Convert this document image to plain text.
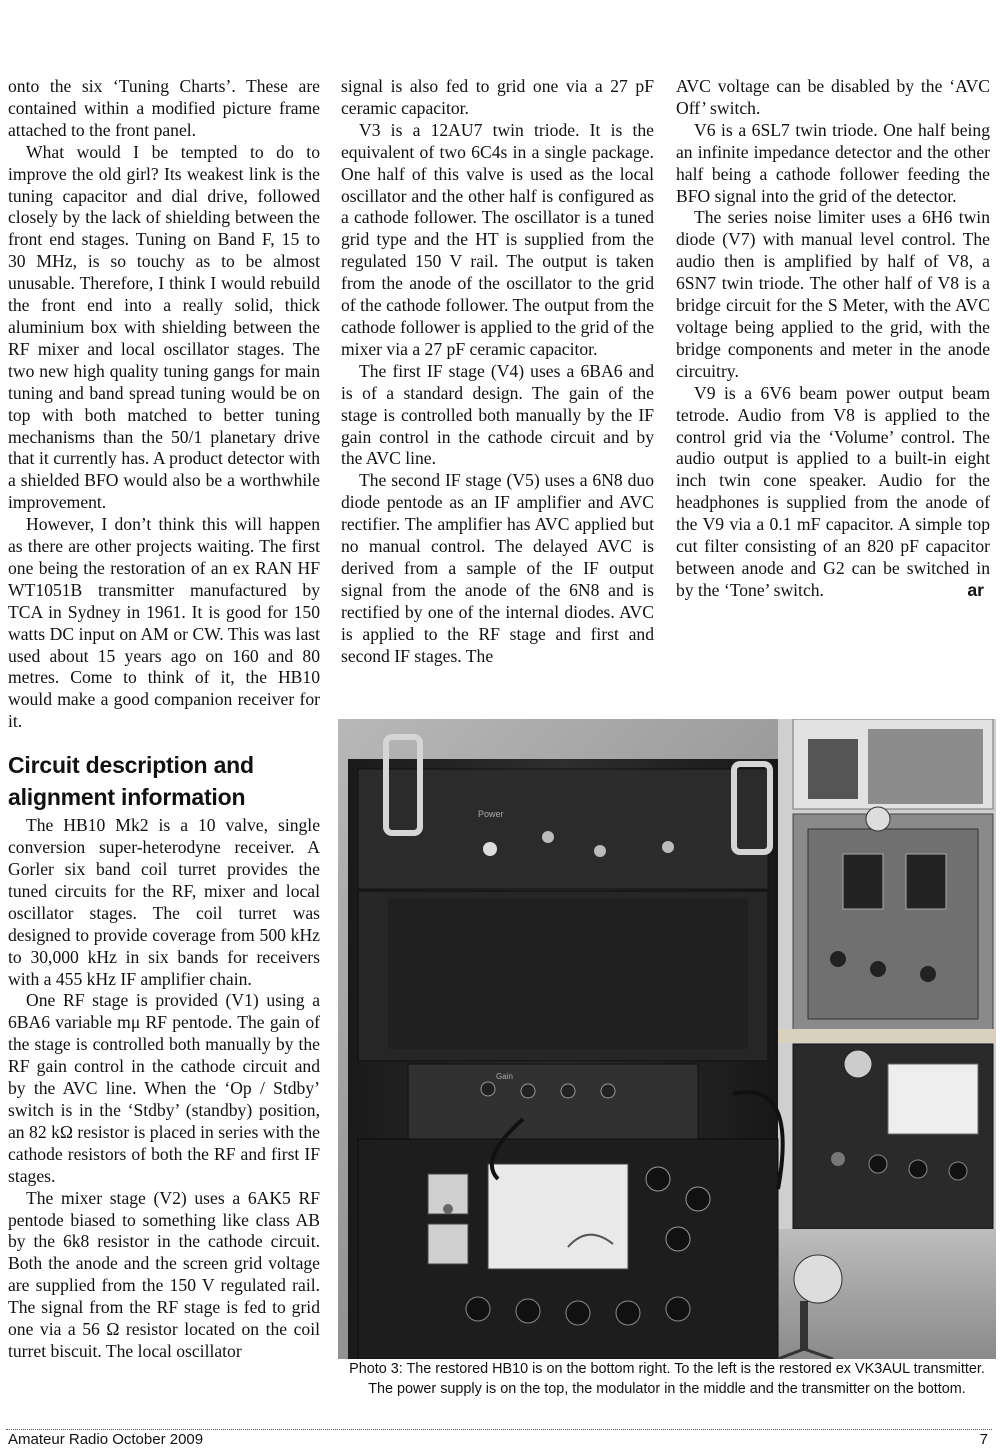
onto the six ‘Tuning Charts’. These are contained within a modified picture frame attached to the front panel.

What would I be tempted to do to improve the old girl? Its weakest link is the tuning capacitor and dial drive, followed closely by the lack of shielding between the front end stages. Tuning on Band F, 15 to 30 MHz, is so touchy as to be almost unusable. Therefore, I think I would rebuild the front end into a really solid, thick aluminium box with shielding between the RF mixer and local oscillator stages. The two new high quality tuning gangs for main tuning and band spread tuning would be on top with both matched to better tuning mechanisms than the 50/1 planetary drive that it currently has. A product detector with a shielded BFO would also be a worthwhile improvement.

However, I don’t think this will happen as there are other projects waiting. The first one being the restoration of an ex RAN HF WT1051B transmitter manufactured by TCA in Sydney in 1961. It is good for 150 watts DC input on AM or CW. This was last used about 15 years ago on 160 and 80 metres. Come to think of it, the HB10 would make a good companion receiver for it.

Circuit description and alignment information

The HB10 Mk2 is a 10 valve, single conversion super-heterodyne receiver. A Gorler six band coil turret provides the tuned circuits for the RF, mixer and local oscillator stages. The coil turret was designed to provide coverage from 500 kHz to 30,000 kHz in six bands for receivers with a 455 kHz IF amplifier chain.

One RF stage is provided (V1) using a 6BA6 variable mμ RF pentode. The gain of the stage is controlled both manually by the RF gain control in the cathode circuit and by the AVC line. When the ‘Op / Stdby’ switch is in the ‘Stdby’ (standby) position, an 82 kΩ resistor is placed in series with the cathode resistors of both the RF and first IF stages.

The mixer stage (V2) uses a 6AK5 RF pentode biased to something like class AB by the 6k8 resistor in the cathode circuit. Both the anode and the screen grid voltage are supplied from the 150 V regulated rail. The signal from the RF stage is fed to grid one via a 56 Ω resistor located on the coil turret biscuit. The local oscillator

signal is also fed to grid one via a 27 pF ceramic capacitor.

V3 is a 12AU7 twin triode. It is the equivalent of two 6C4s in a single package. One half of this valve is used as the local oscillator and the other half is configured as a cathode follower. The oscillator is a tuned grid type and the HT is supplied from the regulated 150 V rail. The output is taken from the anode of the oscillator to the grid of the cathode follower. The output from the cathode follower is applied to the grid of the mixer via a 27 pF ceramic capacitor.

The first IF stage (V4) uses a 6BA6 and is of a standard design. The gain of the stage is controlled both manually by the IF gain control in the cathode circuit and by the AVC line.

The second IF stage (V5) uses a 6N8 duo diode pentode as an IF amplifier and AVC rectifier. The amplifier has AVC applied but no manual control. The delayed AVC is derived from a sample of the IF output signal from the anode of the 6N8 and is rectified by one of the internal diodes. AVC is applied to the RF stage and first and second IF stages. The

AVC voltage can be disabled by the ‘AVC Off’ switch.

V6 is a 6SL7 twin triode. One half being an infinite impedance detector and the other half being a cathode follower feeding the BFO signal into the grid of the detector.

The series noise limiter uses a 6H6 twin diode (V7) with manual level control. The audio then is amplified by half of V8, a 6SN7 twin triode. The other half of V8 is a bridge circuit for the S Meter, with the AVC voltage being applied to the grid, with the bridge components and meter in the anode circuitry.

V9 is a 6V6 beam power output beam tetrode. Audio from V8 is applied to the control grid via the ‘Volume’ control. The audio output is applied to a built-in eight inch twin cone speaker. Audio for the headphones is supplied from the anode of the V9 via a 0.1 mF capacitor. A simple top cut filter consisting of an 820 pF capacitor between anode and G2 can be switched in by the ‘Tone’ switch.	ar

Power
Gain
Photo 3: The restored HB10 is on the bottom right. To the left is the restored ex VK3AUL transmitter. The power supply is on the top, the modulator in the middle and the transmitter on the bottom.
Amateur Radio October 2009	7
